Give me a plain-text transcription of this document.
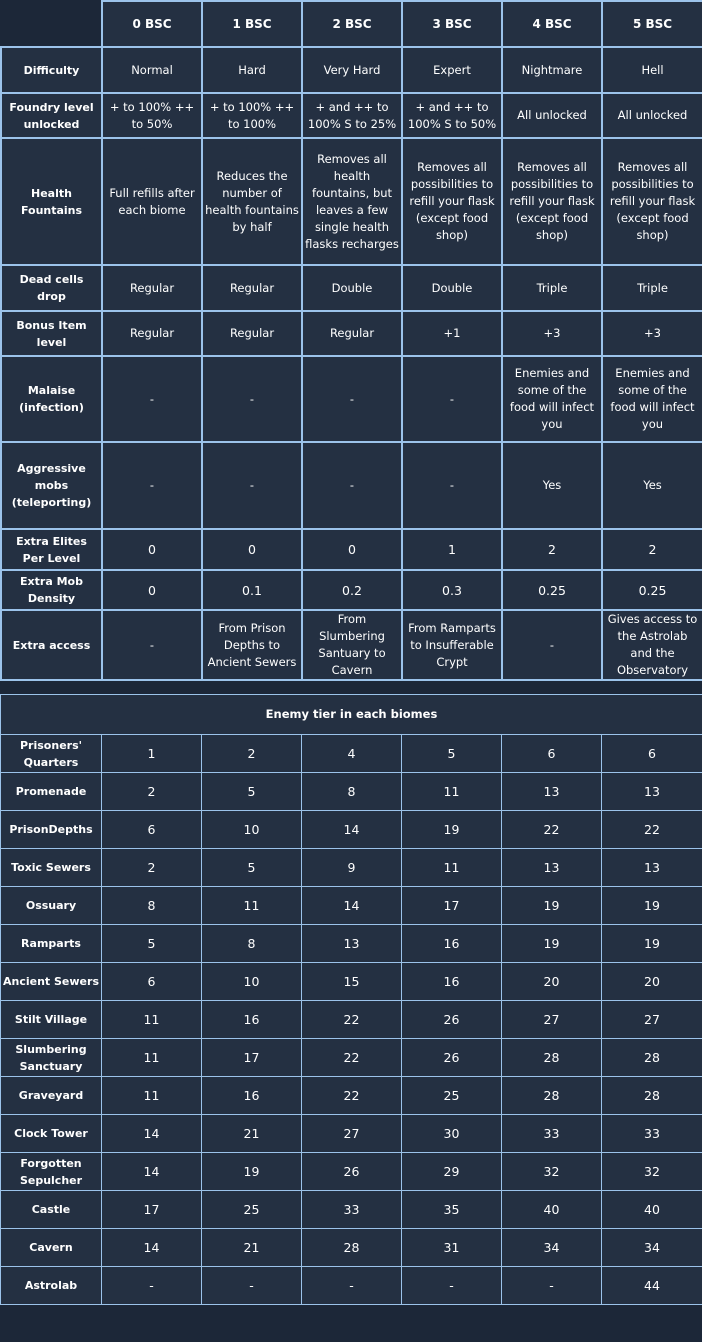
	0 BSC	1 BSC	2 BSC	3 BSC	4 BSC	5 BSC
Difficulty	Normal	Hard	Very Hard	Expert	Nightmare	Hell
Foundry level unlocked	+ to 100% ++ to 50%	+ to 100% ++ to 100%	+ and ++ to 100% S to 25%	+ and ++ to 100% S to 50%	All unlocked	All unlocked
Health Fountains	Full refills after each biome	Reduces the number of health fountains by half	Removes all health fountains, but leaves a few single health flasks recharges	Removes all possibilities to refill your flask (except food shop)	Removes all possibilities to refill your flask (except food shop)	Removes all possibilities to refill your flask (except food shop)
Dead cells drop	Regular	Regular	Double	Double	Triple	Triple
Bonus Item level	Regular	Regular	Regular	+1	+3	+3
Malaise (infection)	-	-	-	-	Enemies and some of the food will infect you	Enemies and some of the food will infect you
Aggressive mobs (teleporting)	-	-	-	-	Yes	Yes
Extra Elites Per Level	0	0	0	1	2	2
Extra Mob Density	0	0.1	0.2	0.3	0.25	0.25
Extra access	-	From Prison Depths to Ancient Sewers	From Slumbering Santuary to Cavern	From Ramparts to Insufferable Crypt	-	Gives access to the Astrolab and the Observatory
Enemy tier in each biomes						
Prisoners' Quarters	1	2	4	5	6	6
Promenade	2	5	8	11	13	13
PrisonDepths	6	10	14	19	22	22
Toxic Sewers	2	5	9	11	13	13
Ossuary	8	11	14	17	19	19
Ramparts	5	8	13	16	19	19
Ancient Sewers	6	10	15	16	20	20
Stilt Village	11	16	22	26	27	27
Slumbering Sanctuary	11	17	22	26	28	28
Graveyard	11	16	22	25	28	28
Clock Tower	14	21	27	30	33	33
Forgotten Sepulcher	14	19	26	29	32	32
Castle	17	25	33	35	40	40
Cavern	14	21	28	31	34	34
Astrolab	-	-	-	-	-	44
